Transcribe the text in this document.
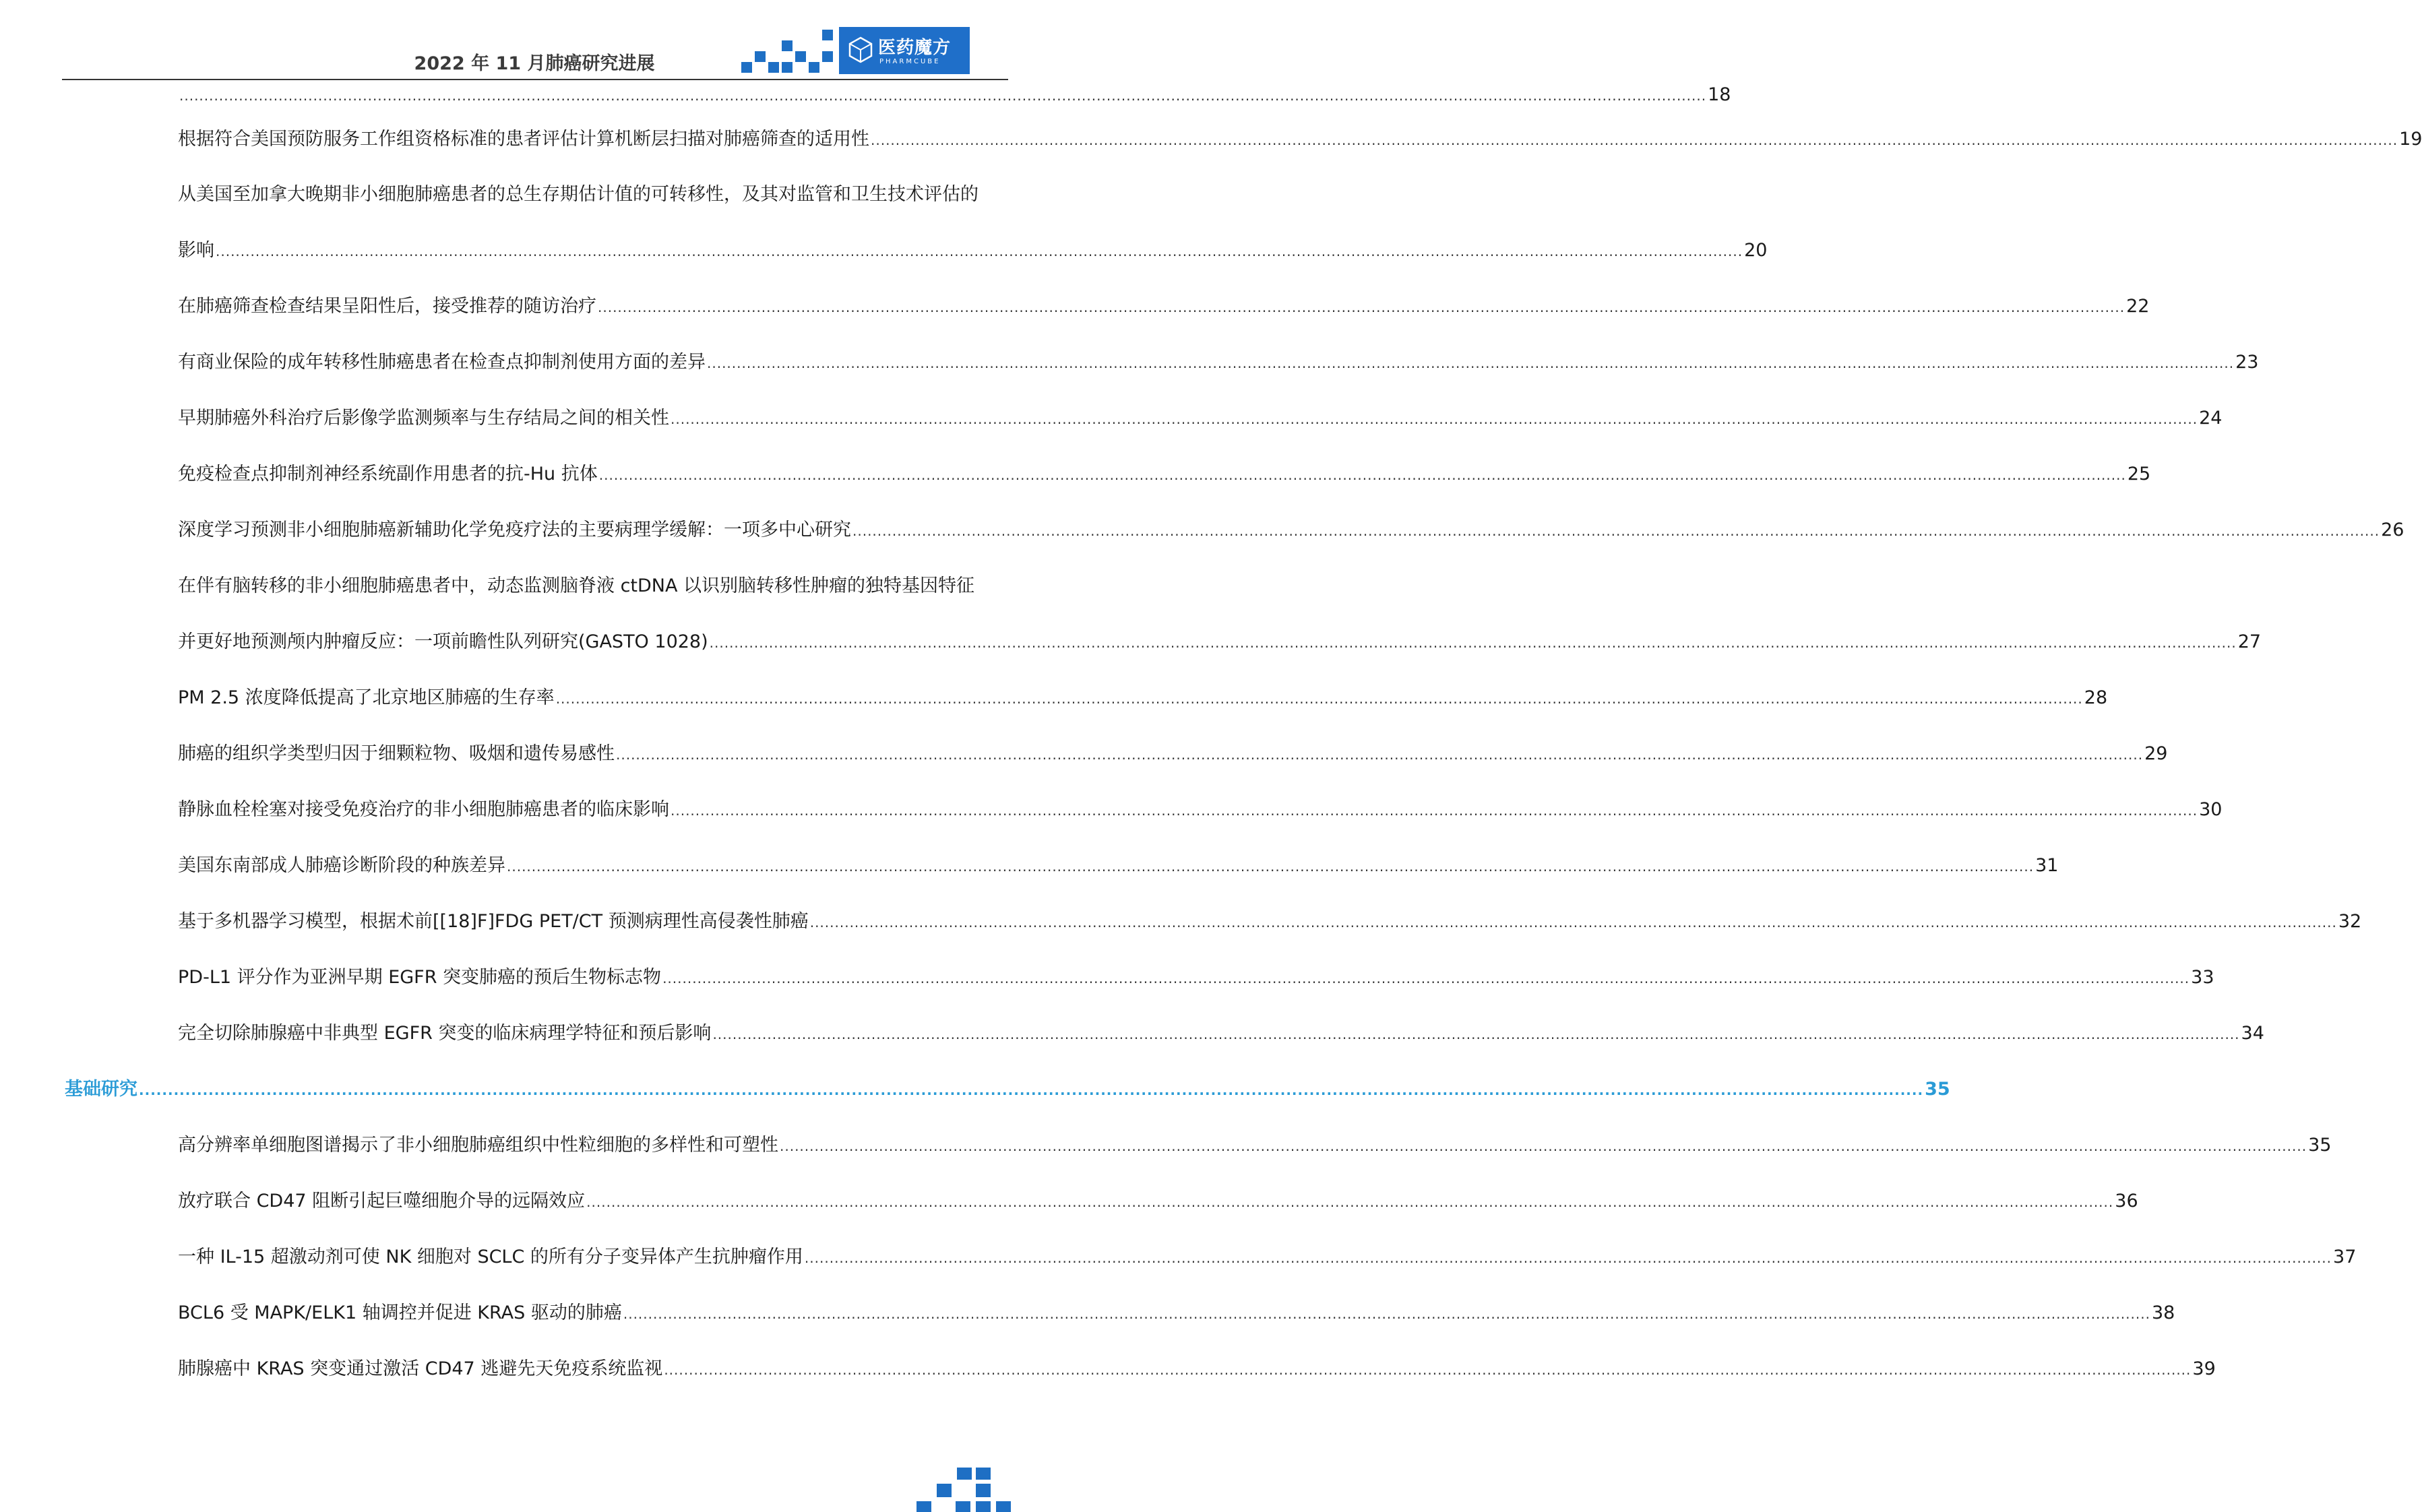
2022 年 11 月肺癌研究进展
医药魔方
PHARMCUBE
.................................................................................................................................................................................................................................................................................................................... 18
根据符合美国预防服务工作组资格标准的患者评估计算机断层扫描对肺癌筛查的适用性 .................................................................................................................................................................................................................................................................................................................... 19
从美国至加拿大晚期非小细胞肺癌患者的总生存期估计值的可转移性，及其对监管和卫生技术评估的
影响 .................................................................................................................................................................................................................................................................................................................... 20
在肺癌筛查检查结果呈阳性后，接受推荐的随访治疗 .................................................................................................................................................................................................................................................................................................................... 22
有商业保险的成年转移性肺癌患者在检查点抑制剂使用方面的差异 .................................................................................................................................................................................................................................................................................................................... 23
早期肺癌外科治疗后影像学监测频率与生存结局之间的相关性 .................................................................................................................................................................................................................................................................................................................... 24
免疫检查点抑制剂神经系统副作用患者的抗-Hu 抗体 .................................................................................................................................................................................................................................................................................................................... 25
深度学习预测非小细胞肺癌新辅助化学免疫疗法的主要病理学缓解：一项多中心研究 .................................................................................................................................................................................................................................................................................................................... 26
在伴有脑转移的非小细胞肺癌患者中，动态监测脑脊液 ctDNA 以识别脑转移性肿瘤的独特基因特征
并更好地预测颅内肿瘤反应：一项前瞻性队列研究(GASTO 1028) .................................................................................................................................................................................................................................................................................................................... 27
PM 2.5 浓度降低提高了北京地区肺癌的生存率 .................................................................................................................................................................................................................................................................................................................... 28
肺癌的组织学类型归因于细颗粒物、吸烟和遗传易感性 .................................................................................................................................................................................................................................................................................................................... 29
静脉血栓栓塞对接受免疫治疗的非小细胞肺癌患者的临床影响 .................................................................................................................................................................................................................................................................................................................... 30
美国东南部成人肺癌诊断阶段的种族差异 .................................................................................................................................................................................................................................................................................................................... 31
基于多机器学习模型，根据术前[[18]F]FDG PET/CT 预测病理性高侵袭性肺癌 .................................................................................................................................................................................................................................................................................................................... 32
PD-L1 评分作为亚洲早期 EGFR 突变肺癌的预后生物标志物 .................................................................................................................................................................................................................................................................................................................... 33
完全切除肺腺癌中非典型 EGFR 突变的临床病理学特征和预后影响 .................................................................................................................................................................................................................................................................................................................... 34
基础研究 .................................................................................................................................................................................................................................................................................................................... 35
高分辨率单细胞图谱揭示了非小细胞肺癌组织中性粒细胞的多样性和可塑性 .................................................................................................................................................................................................................................................................................................................... 35
放疗联合 CD47 阻断引起巨噬细胞介导的远隔效应 .................................................................................................................................................................................................................................................................................................................... 36
一种 IL-15 超激动剂可使 NK 细胞对 SCLC 的所有分子变异体产生抗肿瘤作用 .................................................................................................................................................................................................................................................................................................................... 37
BCL6 受 MAPK/ELK1 轴调控并促进 KRAS 驱动的肺癌 .................................................................................................................................................................................................................................................................................................................... 38
肺腺癌中 KRAS 突变通过激活 CD47 逃避先天免疫系统监视 .................................................................................................................................................................................................................................................................................................................... 39
